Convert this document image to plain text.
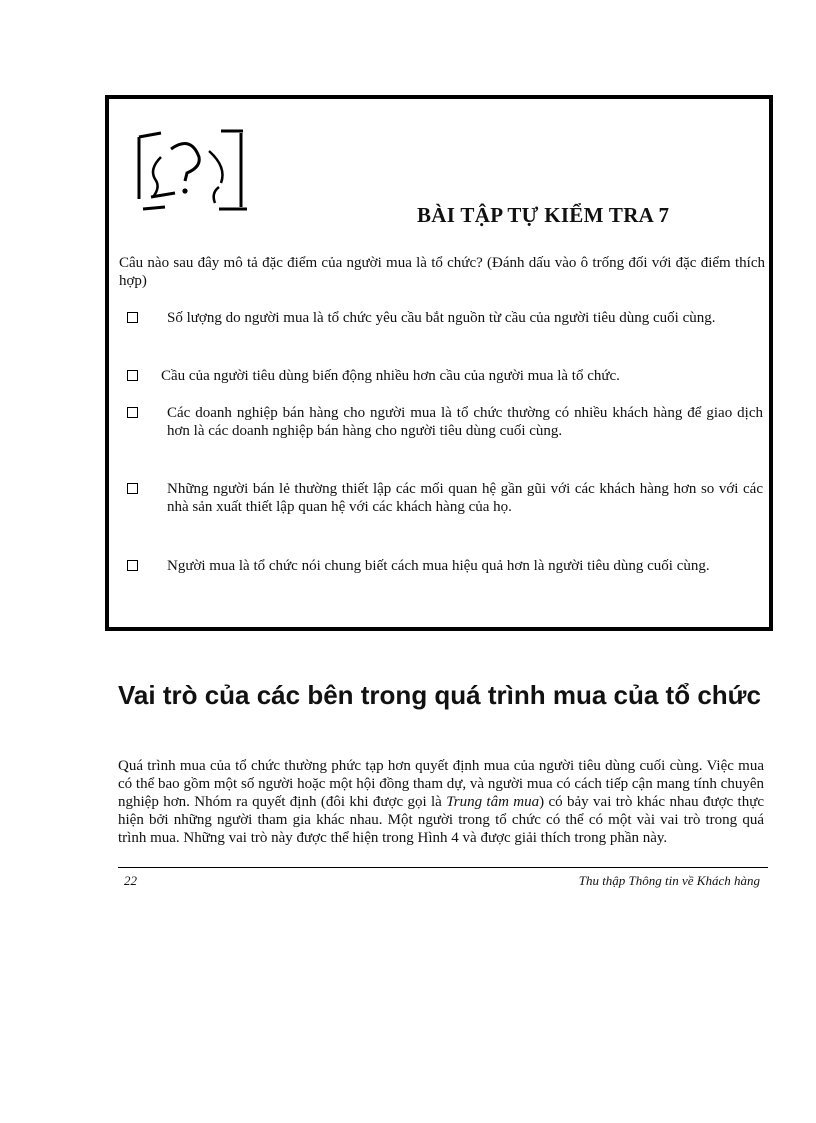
BÀI TẬP TỰ KIỂM TRA 7

Câu nào sau đây mô tả đặc điểm của người mua là tổ chức? (Đánh dấu vào ô trống đối với đặc điểm thích hợp)

Số lượng do người mua là tổ chức yêu cầu bắt nguồn từ cầu của người tiêu dùng cuối cùng.
Cầu của người tiêu dùng biến động nhiều hơn cầu của người mua là tổ chức.
Các doanh nghiệp bán hàng cho người mua là tổ chức thường có nhiều khách hàng để giao dịch hơn là các doanh nghiệp bán hàng cho người tiêu dùng cuối cùng.
Những người bán lẻ thường thiết lập các mối quan hệ gần gũi với các khách hàng hơn so với các nhà sản xuất thiết lập quan hệ với các khách hàng của họ.
Người mua là tổ chức nói chung biết cách mua hiệu quả hơn là người tiêu dùng cuối cùng.
Vai trò của các bên trong quá trình mua của tổ chức

Quá trình mua của tổ chức thường phức tạp hơn quyết định mua của người tiêu dùng cuối cùng. Việc mua có thể bao gồm một số người hoặc một hội đồng tham dự, và người mua có cách tiếp cận mang tính chuyên nghiệp hơn. Nhóm ra quyết định (đôi khi được gọi là Trung tâm mua) có bảy vai trò khác nhau được thực hiện bởi những người tham gia khác nhau. Một người trong tổ chức có thể có một vài vai trò trong quá trình mua. Những vai trò này được thể hiện trong Hình 4 và được giải thích trong phần này.

22	Thu thập Thông tin về Khách hàng
